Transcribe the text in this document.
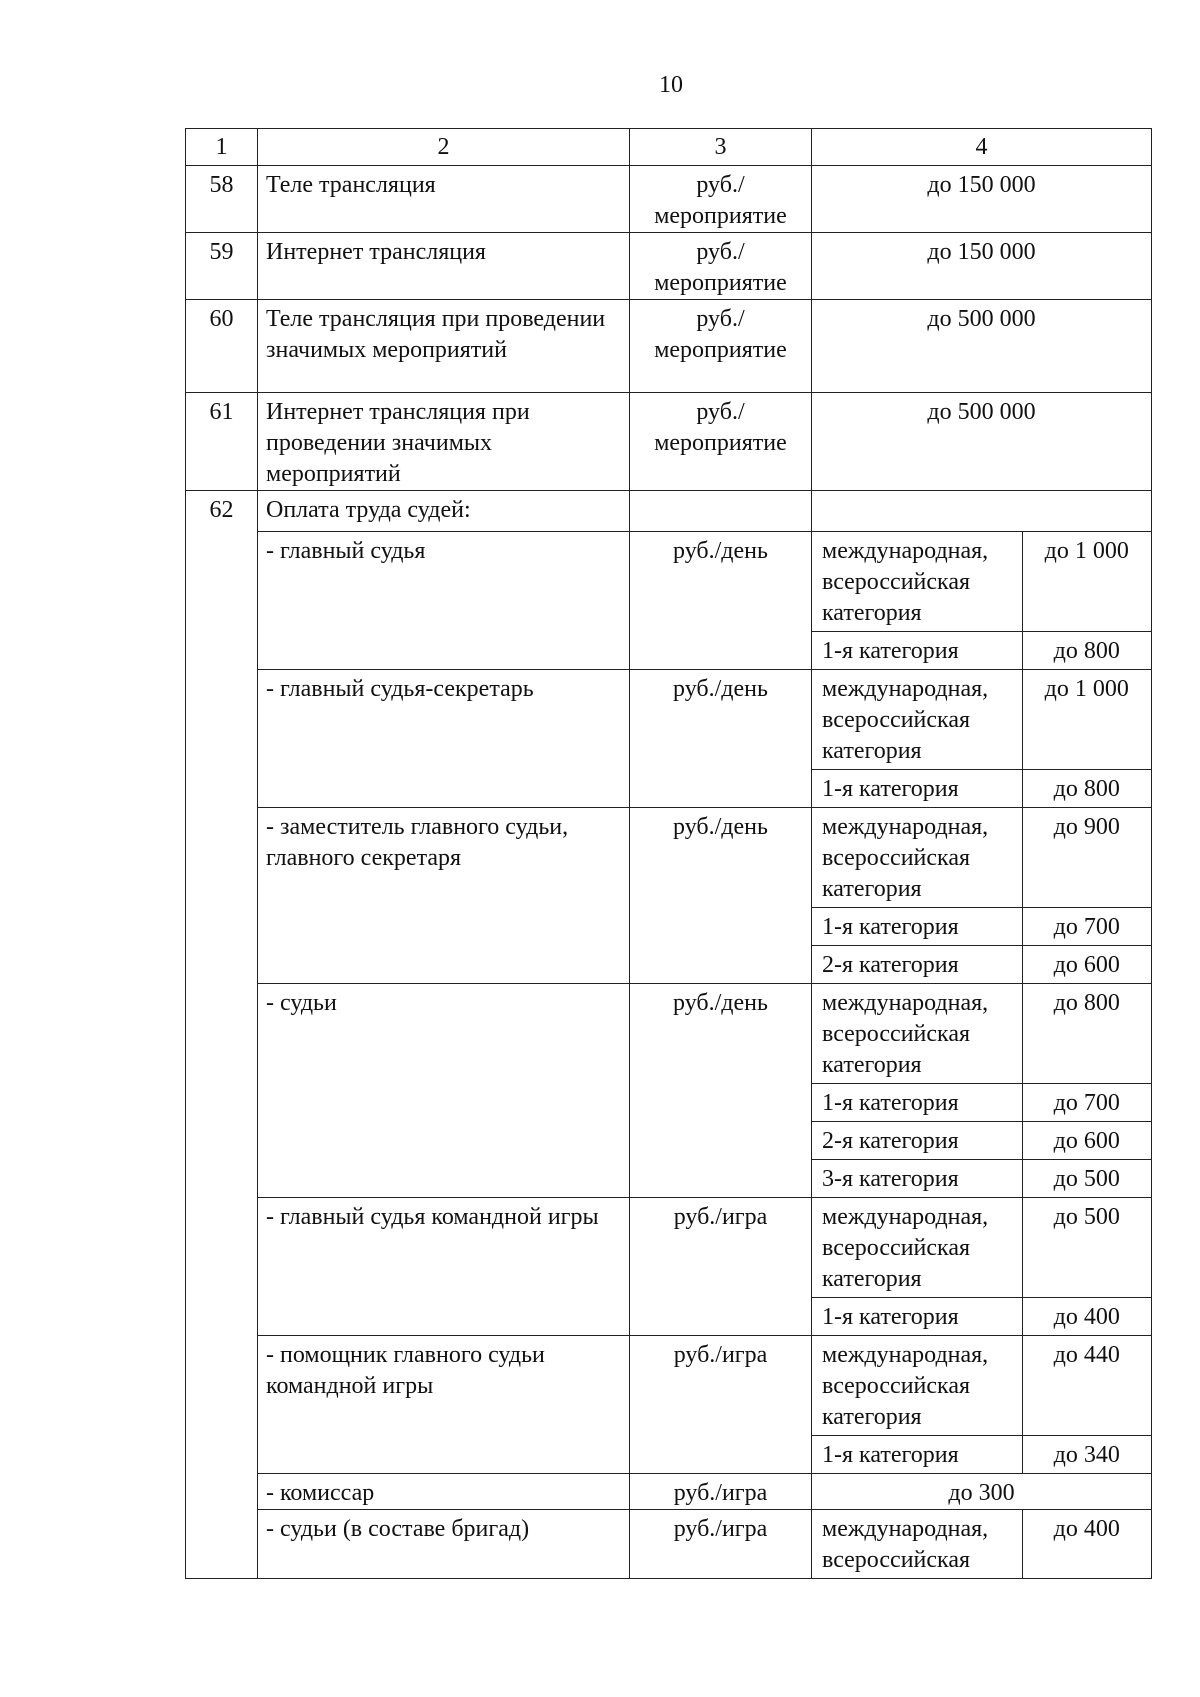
10
1	2	3	4
58	Теле трансляция	руб./ мероприятие	до 150 000
59	Интернет трансляция	руб./ мероприятие	до 150 000
60	Теле трансляция при проведении значимых мероприятий	руб./ мероприятие	до 500 000
61	Интернет трансляция при проведении значимых мероприятий	руб./ мероприятие	до 500 000
62	Оплата труда судей:		
- главный судья	руб./день	международная, всероссийская категория	до 1 000
1-я категория	до 800

- главный судья-секретарь	руб./день	международная, всероссийская категория	до 1 000
1-я категория	до 800

- заместитель главного судьи, главного секретаря	руб./день	международная, всероссийская категория	до 900
1-я категория	до 700
2-я категория	до 600

- судьи	руб./день	международная, всероссийская категория	до 800
1-я категория	до 700
2-я категория	до 600
3-я категория	до 500

- главный судья командной игры	руб./игра	международная, всероссийская категория	до 500
1-я категория	до 400

- помощник главного судьи командной игры	руб./игра	международная, всероссийская категория	до 440
1-я категория	до 340

- комиссар	руб./игра	до 300

- судьи (в составе бригад)	руб./игра	международная, всероссийская	до 400
